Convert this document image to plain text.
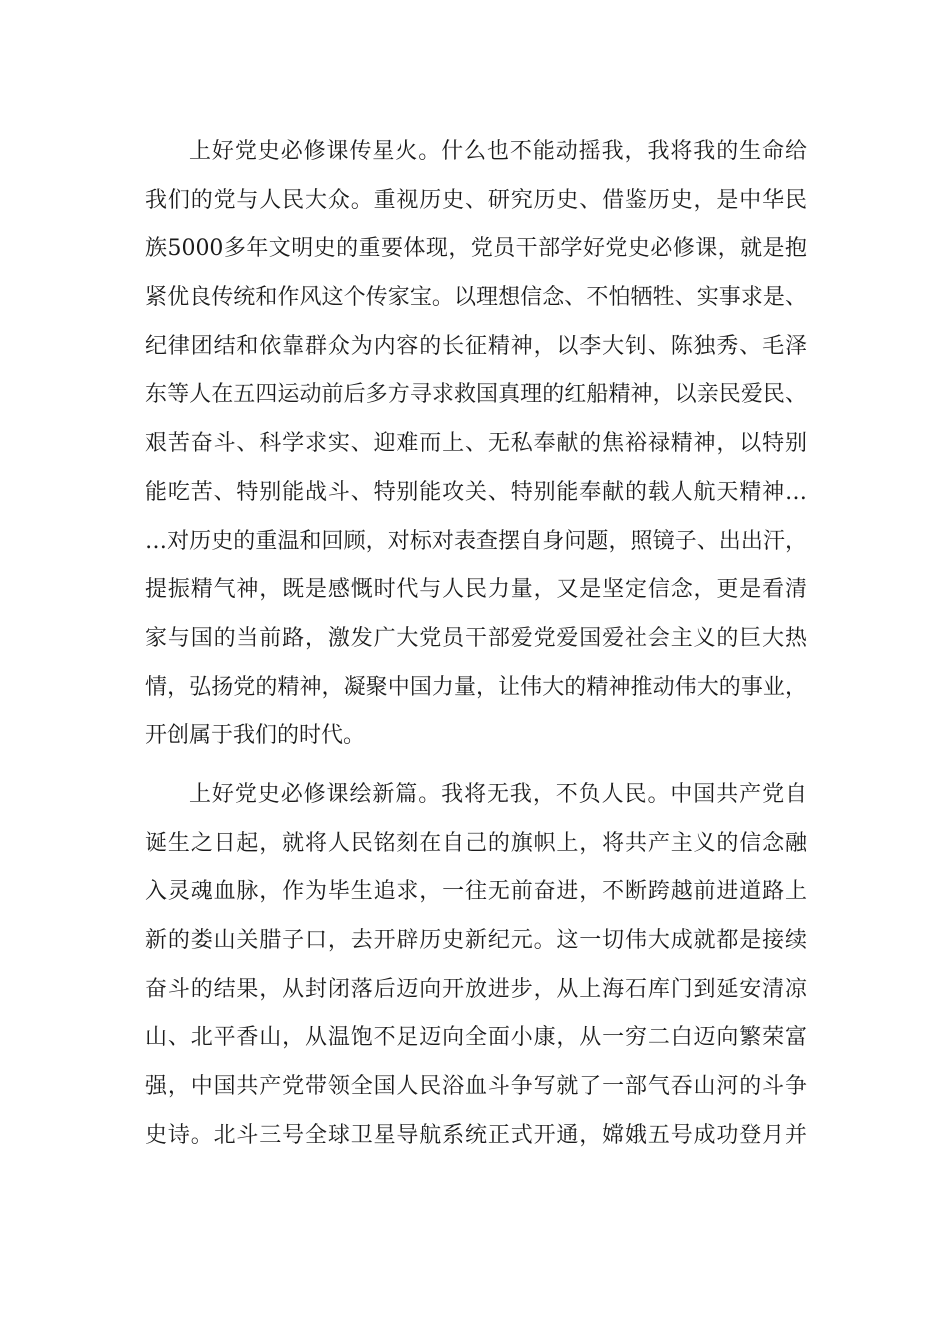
上好党史必修课传星火。什么也不能动摇我，我将我的生命给
我们的党与人民大众。重视历史、研究历史、借鉴历史，是中华民
族5000多年文明史的重要体现，党员干部学好党史必修课，就是抱
紧优良传统和作风这个传家宝。以理想信念、不怕牺牲、实事求是、
纪律团结和依靠群众为内容的长征精神，以李大钊、陈独秀、毛泽
东等人在五四运动前后多方寻求救国真理的红船精神，以亲民爱民、
艰苦奋斗、科学求实、迎难而上、无私奉献的焦裕禄精神，以特别
能吃苦、特别能战斗、特别能攻关、特别能奉献的载人航天精神…
…对历史的重温和回顾，对标对表查摆自身问题，照镜子、出出汗，
提振精气神，既是感慨时代与人民力量，又是坚定信念，更是看清
家与国的当前路，激发广大党员干部爱党爱国爱社会主义的巨大热
情，弘扬党的精神，凝聚中国力量，让伟大的精神推动伟大的事业，
开创属于我们的时代。
上好党史必修课绘新篇。我将无我，不负人民。中国共产党自
诞生之日起，就将人民铭刻在自己的旗帜上，将共产主义的信念融
入灵魂血脉，作为毕生追求，一往无前奋进，不断跨越前进道路上
新的娄山关腊子口，去开辟历史新纪元。这一切伟大成就都是接续
奋斗的结果，从封闭落后迈向开放进步，从上海石库门到延安清凉
山、北平香山，从温饱不足迈向全面小康，从一穷二白迈向繁荣富
强，中国共产党带领全国人民浴血斗争写就了一部气吞山河的斗争
史诗。北斗三号全球卫星导航系统正式开通，嫦娥五号成功登月并
